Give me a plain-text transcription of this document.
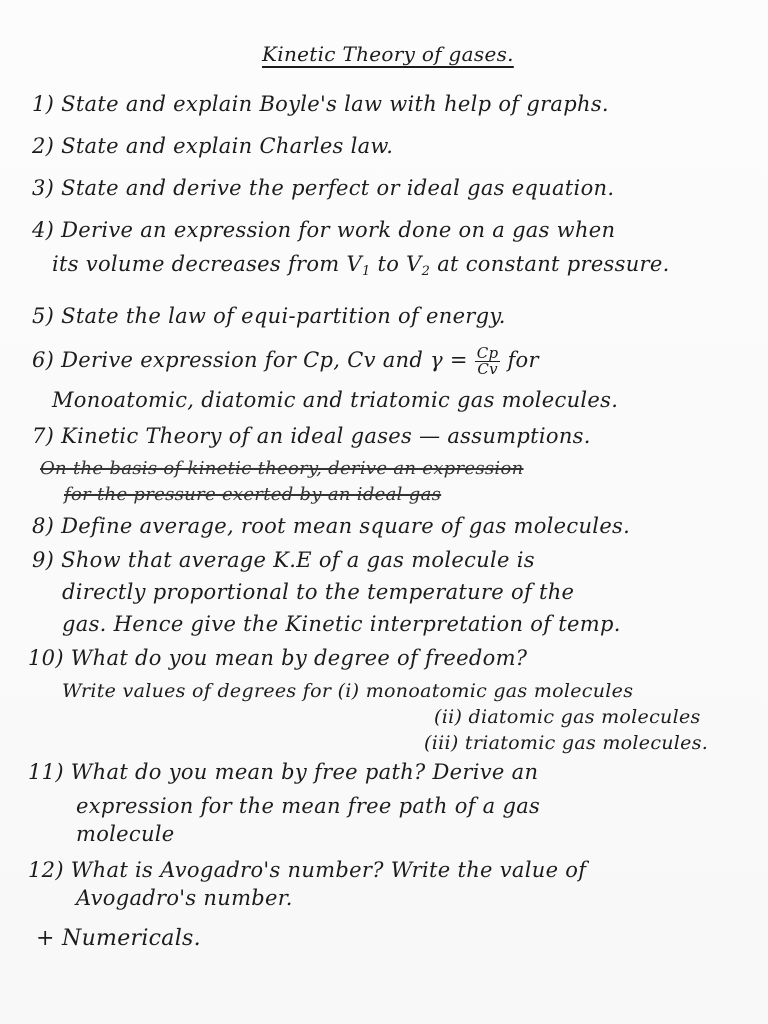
Kinetic Theory of gases.
1) State and explain Boyle's law with help of graphs.
2) State and explain Charles law.
3) State and derive the perfect or ideal gas equation.
4) Derive an expression for work done on a gas when
its volume decreases from $V_1$ to $V_2$ at constant pressure.
5) State the law of equi-partition of energy.
6) Derive expression for Cp, Cv and $\gamma = \frac{Cp}{Cv}$ for
Monoatomic, diatomic and triatomic gas molecules.
7) Kinetic Theory of an ideal gases — assumptions.
On the basis of kinetic theory, derive an expression
for the pressure exerted by an ideal gas
8) Define average, root mean square of gas molecules.
9) Show that average K.E of a gas molecule is
directly proportional to the temperature of the
gas. Hence give the Kinetic interpretation of temp.
10) What do you mean by degree of freedom?
Write values of degrees for (i) monoatomic gas molecules
(ii) diatomic gas molecules
(iii) triatomic gas molecules.
11) What do you mean by free path? Derive an
expression for the mean free path of a gas
molecule
12) What is Avogadro's number? Write the value of
Avogadro's number.
+ Numericals.
